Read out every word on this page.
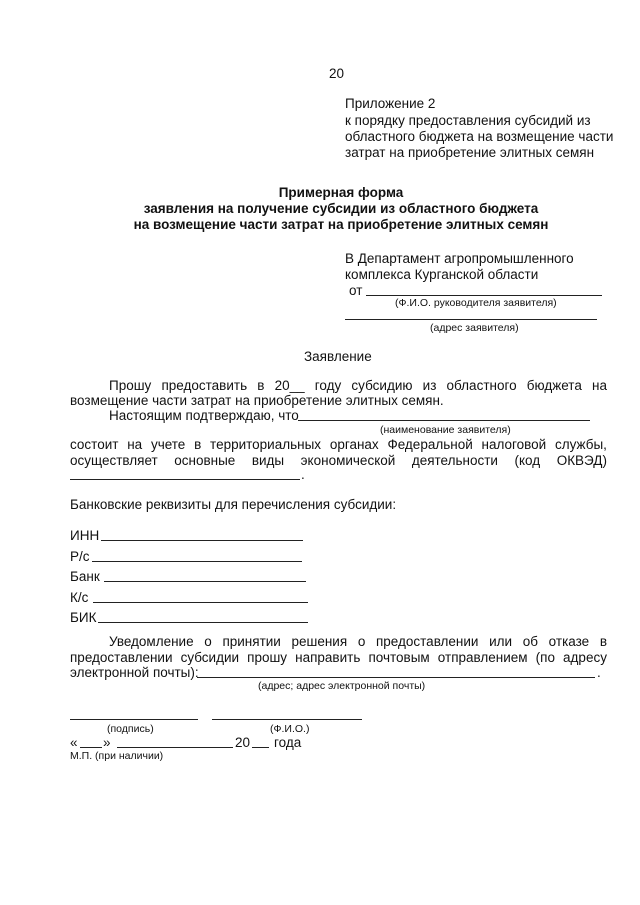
20
Приложение 2
к порядку предоставления субсидий из
областного бюджета на возмещение части
затрат на приобретение элитных семян
Примерная форма
заявления на получение субсидии из областного бюджета
на возмещение части затрат на приобретение элитных семян
В Департамент агропромышленного
комплекса Курганской области
от
(Ф.И.О. руководителя заявителя)
(адрес заявителя)
Заявление
Прошу предоставить в 20__ году субсидию из областного бюджета на
возмещение части затрат на приобретение элитных семян.
Настоящим подтверждаю, что
(наименование заявителя)
состоит на учете в территориальных органах Федеральной налоговой службы,
осуществляет основные виды экономической деятельности (код ОКВЭД)
.
Банковские реквизиты для перечисления субсидии:
ИНН
Р/с
Банк
К/с
БИК
Уведомление о принятии решения о предоставлении или об отказе в
предоставлении субсидии прошу направить почтовым отправлением (по адресу
электронной почты):	.
(адрес; адрес электронной почты)
(подпись)	(Ф.И.О.)
« »	20 года
М.П. (при наличии)
